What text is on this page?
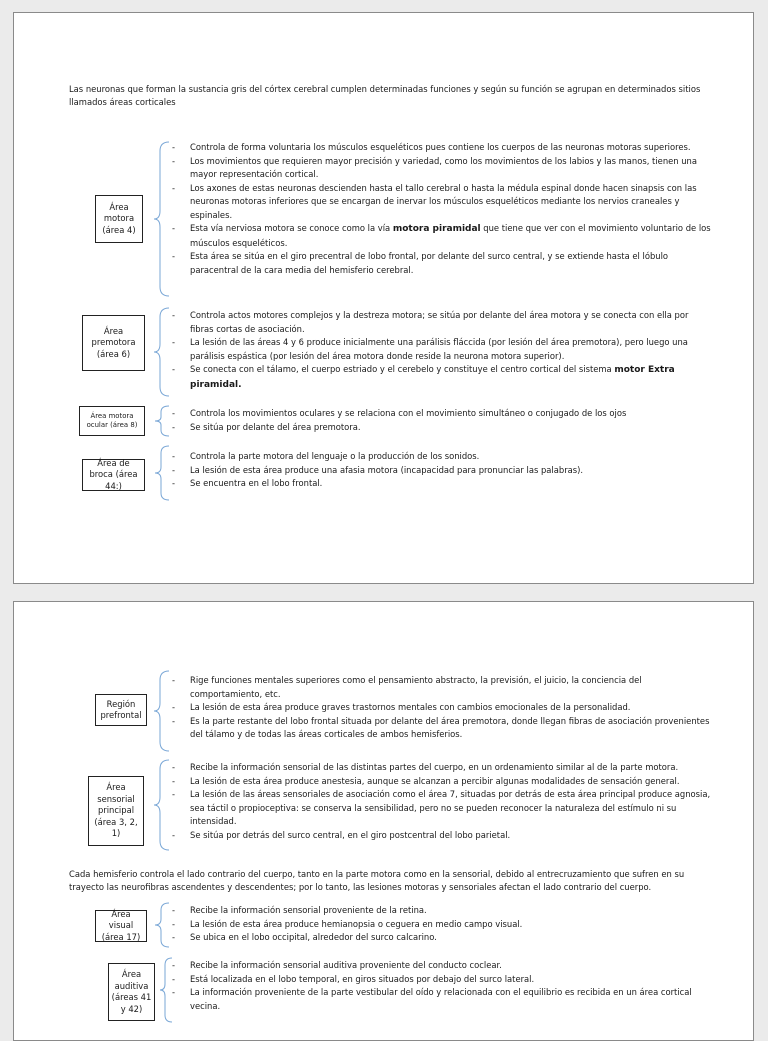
Las neuronas que forman la sustancia gris del córtex cerebral cumplen determinadas funciones y según su función se agrupan en determinados sitios llamados áreas corticales
Área motora (área 4)
- Controla de forma voluntaria los músculos esqueléticos pues contiene los cuerpos de las neuronas motoras superiores.
- Los movimientos que requieren mayor precisión y variedad, como los movimientos de los labios y las manos, tienen una mayor representación cortical.
- Los axones de estas neuronas descienden hasta el tallo cerebral o hasta la médula espinal donde hacen sinapsis con las neuronas motoras inferiores que se encargan de inervar los músculos esqueléticos mediante los nervios craneales y espinales.
- Esta vía nerviosa motora se conoce como la vía motora piramidal que tiene que ver con el movimiento voluntario de los músculos esqueléticos.
- Esta área se sitúa en el giro precentral de lobo frontal, por delante del surco central, y se extiende hasta el lóbulo paracentral de la cara media del hemisferio cerebral.
Área premotora (área 6)
- Controla actos motores complejos y la destreza motora; se sitúa por delante del área motora y se conecta con ella por fibras cortas de asociación.
- La lesión de las áreas 4 y 6 produce inicialmente una parálisis fláccida (por lesión del área premotora), pero luego una parálisis espástica (por lesión del área motora donde reside la neurona motora superior).
- Se conecta con el tálamo, el cuerpo estriado y el cerebelo y constituye el centro cortical del sistema motor Extra piramidal.
Área motora ocular (área 8)
- Controla los movimientos oculares y se relaciona con el movimiento simultáneo o conjugado de los ojos
- Se sitúa por delante del área premotora.
Área de broca (área 44:)
- Controla la parte motora del lenguaje o la producción de los sonidos.
- La lesión de esta área produce una afasia motora (incapacidad para pronunciar las palabras).
- Se encuentra en el lobo frontal.
Región prefrontal
- Rige funciones mentales superiores como el pensamiento abstracto, la previsión, el juicio, la conciencia del comportamiento, etc.
- La lesión de esta área produce graves trastornos mentales con cambios emocionales de la personalidad.
- Es la parte restante del lobo frontal situada por delante del área premotora, donde llegan fibras de asociación provenientes del tálamo y de todas las áreas corticales de ambos hemisferios.
Área sensorial principal (área 3, 2, 1)
- Recibe la información sensorial de las distintas partes del cuerpo, en un ordenamiento similar al de la parte motora.
- La lesión de esta área produce anestesia, aunque se alcanzan a percibir algunas modalidades de sensación general.
- La lesión de las áreas sensoriales de asociación como el área 7, situadas por detrás de esta área principal produce agnosia, sea táctil o propioceptiva: se conserva la sensibilidad, pero no se pueden reconocer la naturaleza del estímulo ni su intensidad.
- Se sitúa por detrás del surco central, en el giro postcentral del lobo parietal.
Cada hemisferio controla el lado contrario del cuerpo, tanto en la parte motora como en la sensorial, debido al entrecruzamiento que sufren en su trayecto las neurofibras ascendentes y descendentes; por lo tanto, las lesiones motoras y sensoriales afectan el lado contrario del cuerpo.
Área visual (área 17)
- Recibe la información sensorial proveniente de la retina.
- La lesión de esta área produce hemianopsia o ceguera en medio campo visual.
- Se ubica en el lobo occipital, alrededor del surco calcarino.
Área auditiva (áreas 41 y 42)
- Recibe la información sensorial auditiva proveniente del conducto coclear.
- Está localizada en el lobo temporal, en giros situados por debajo del surco lateral.
- La información proveniente de la parte vestibular del oído y relacionada con el equilibrio es recibida en un área cortical vecina.
